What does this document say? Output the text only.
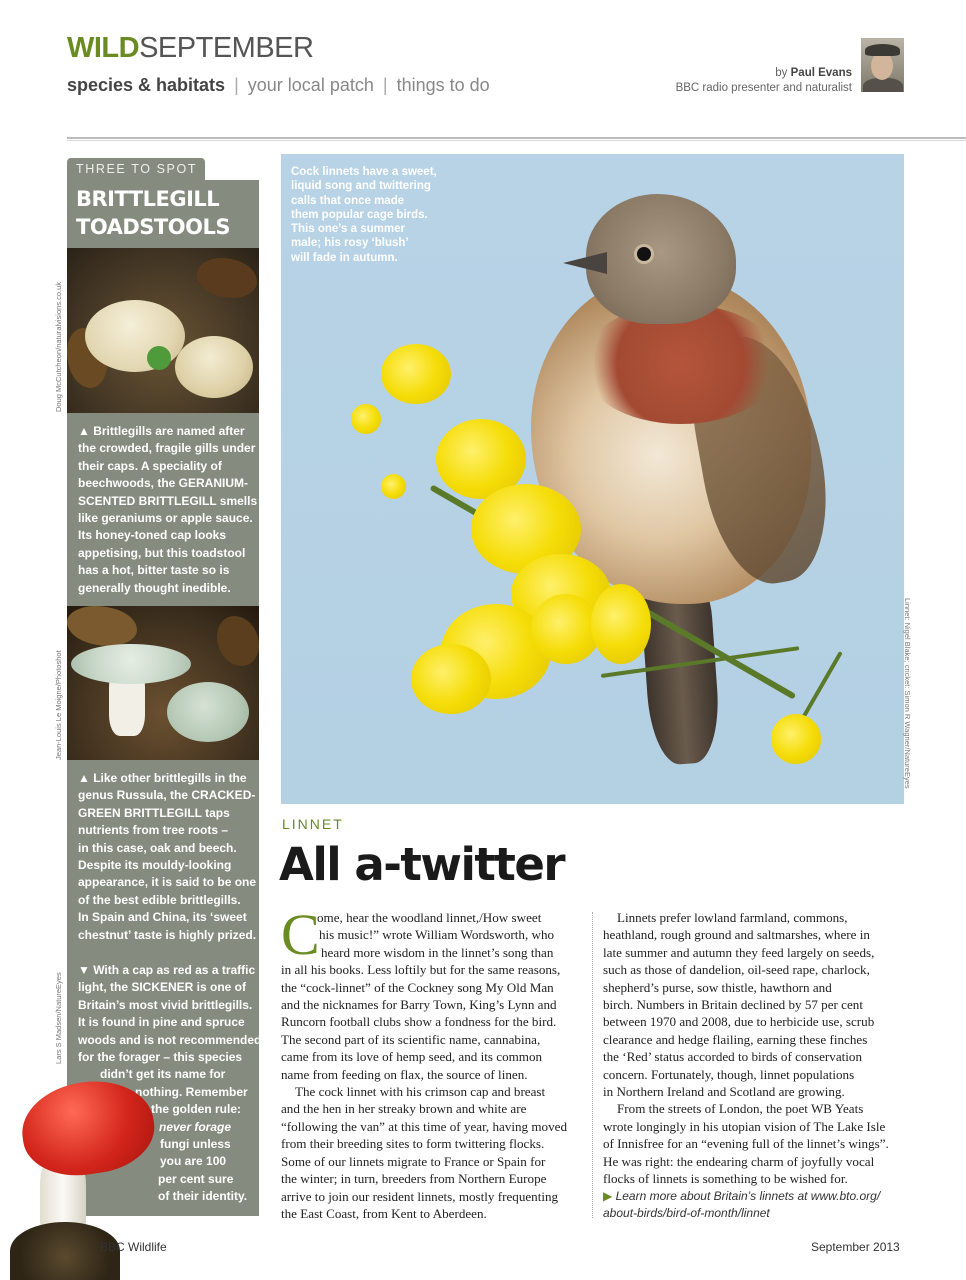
WILDSEPTEMBER
species & habitats | your local patch | things to do
by Paul Evans
BBC radio presenter and naturalist
THREE TO SPOT
BRITTLEGILL
TOADSTOOLS
Doug McCutcheon/naturalvisions.co.uk
▲ Brittlegills are named after
the crowded, fragile gills under
their caps. A speciality of
beechwoods, the GERANIUM-
SCENTED BRITTLEGILL smells
like geraniums or apple sauce.
Its honey-toned cap looks
appetising, but this toadstool
has a hot, bitter taste so is
generally thought inedible.
Jean-Louis Le Moigne/Photoshot
▲ Like other brittlegills in the
genus Russula, the CRACKED-
GREEN BRITTLEGILL taps
nutrients from tree roots –
in this case, oak and beech.
Despite its mouldy-looking
appearance, it is said to be one
of the best edible brittlegills.
In Spain and China, its ‘sweet
chestnut’ taste is highly prized.
▼ With a cap as red as a traffic
light, the SICKENER is one of
Britain’s most vivid brittlegills.
It is found in pine and spruce
woods and is not recommended
for the forager – this species
didn’t get its name for
nothing. Remember
the golden rule:
never forage
fungi unless
you are 100
per cent sure
of their identity.
Lars S Madsen/NatureEyes
Cock linnets have a sweet,
liquid song and twittering
calls that once made
them popular cage birds.
This one’s a summer
male; his rosy ‘blush’
will fade in autumn.
Linnet: Nigel Blake; cricket: Simon R Wagner/NatureEyes
LINNET
All a-twitter
C
ome, hear the woodland linnet,/How sweet
his music!” wrote William Wordsworth, who
heard more wisdom in the linnet’s song than
in all his books. Less loftily but for the same reasons,
the “cock-linnet” of the Cockney song My Old Man
and the nicknames for Barry Town, King’s Lynn and
Runcorn football clubs show a fondness for the bird.
The second part of its scientific name, cannabina,
came from its love of hemp seed, and its common
name from feeding on flax, the source of linen.
The cock linnet with his crimson cap and breast
and the hen in her streaky brown and white are
“following the van” at this time of year, having moved
from their breeding sites to form twittering flocks.
Some of our linnets migrate to France or Spain for
the winter; in turn, breeders from Northern Europe
arrive to join our resident linnets, mostly frequenting
the East Coast, from Kent to Aberdeen.
Linnets prefer lowland farmland, commons,
heathland, rough ground and saltmarshes, where in
late summer and autumn they feed largely on seeds,
such as those of dandelion, oil-seed rape, charlock,
shepherd’s purse, sow thistle, hawthorn and
birch. Numbers in Britain declined by 57 per cent
between 1970 and 2008, due to herbicide use, scrub
clearance and hedge flailing, earning these finches
the ‘Red’ status accorded to birds of conservation
concern. Fortunately, though, linnet populations
in Northern Ireland and Scotland are growing.
From the streets of London, the poet WB Yeats
wrote longingly in his utopian vision of The Lake Isle
of Innisfree for an “evening full of the linnet’s wings”.
He was right: the endearing charm of joyfully vocal
flocks of linnets is something to be wished for.
▶ Learn more about Britain’s linnets at www.bto.org/
about-birds/bird-of-month/linnet
BBC Wildlife	September 2013
